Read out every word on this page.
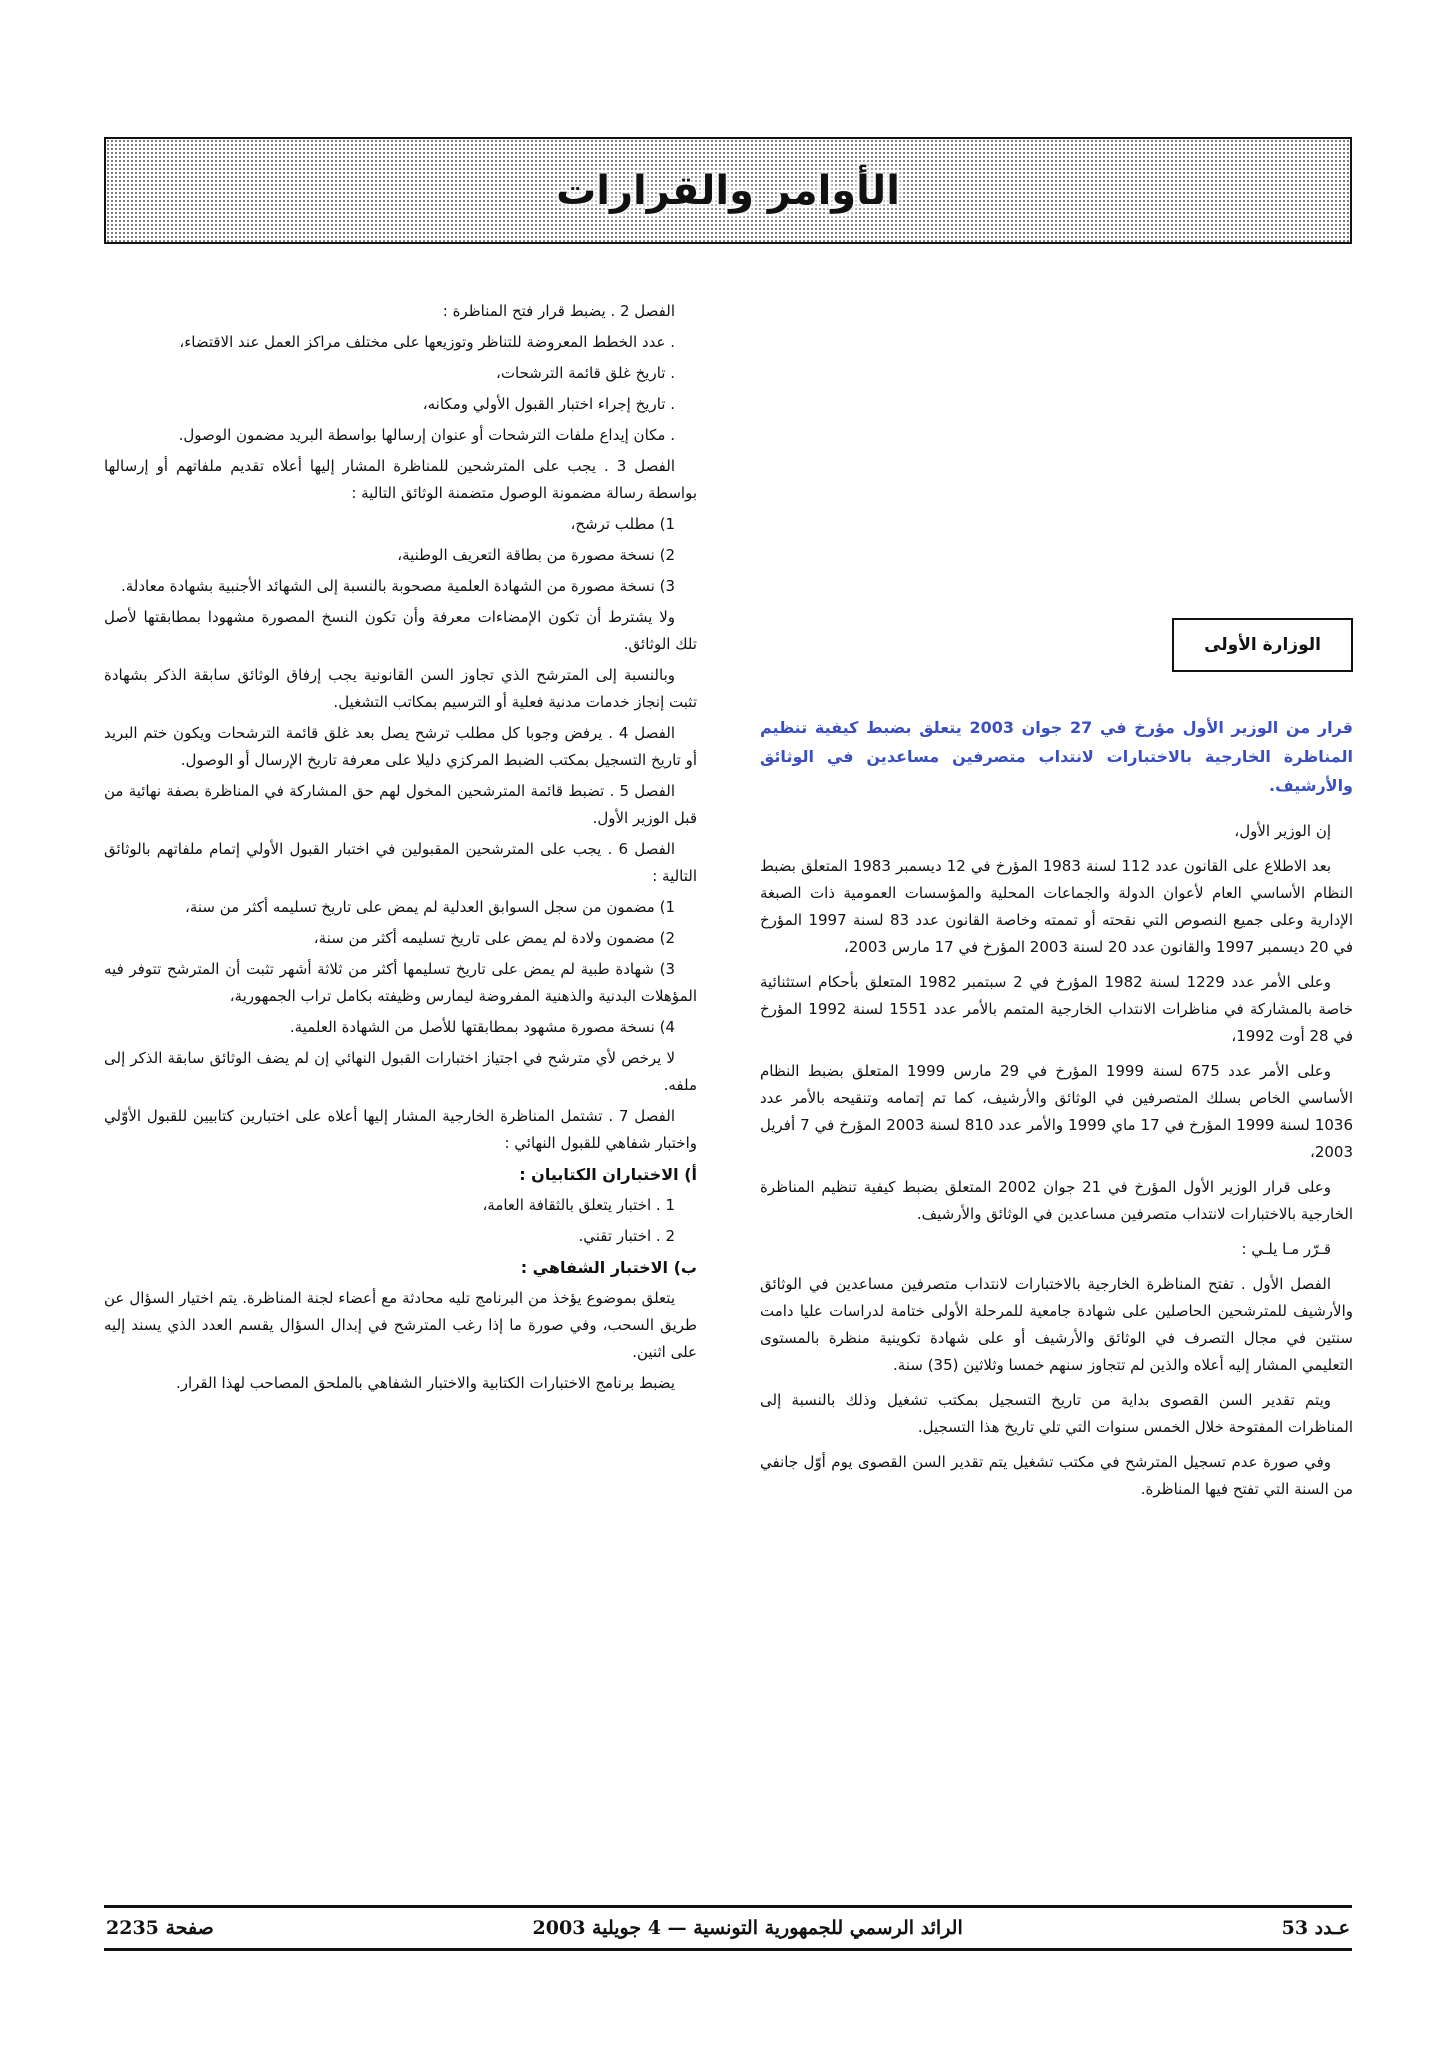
الأوامر والقرارات
الوزارة الأولى

قرار من الوزير الأول مؤرخ في 27 جوان 2003 يتعلق بضبط كيفية تنظيم المناظرة الخارجية بالاختبارات لانتداب متصرفين مساعدين في الوثائق والأرشيف.

إن الوزير الأول،

بعد الاطلاع على القانون عدد 112 لسنة 1983 المؤرخ في 12 ديسمبر 1983 المتعلق بضبط النظام الأساسي العام لأعوان الدولة والجماعات المحلية والمؤسسات العمومية ذات الصبغة الإدارية وعلى جميع النصوص التي نقحته أو تممته وخاصة القانون عدد 83 لسنة 1997 المؤرخ في 20 ديسمبر 1997 والقانون عدد 20 لسنة 2003 المؤرخ في 17 مارس 2003،

وعلى الأمر عدد 1229 لسنة 1982 المؤرخ في 2 سبتمبر 1982 المتعلق بأحكام استثنائية خاصة بالمشاركة في مناظرات الانتداب الخارجية المتمم بالأمر عدد 1551 لسنة 1992 المؤرخ في 28 أوت 1992،

وعلى الأمر عدد 675 لسنة 1999 المؤرخ في 29 مارس 1999 المتعلق بضبط النظام الأساسي الخاص بسلك المتصرفين في الوثائق والأرشيف، كما تم إتمامه وتنقيحه بالأمر عدد 1036 لسنة 1999 المؤرخ في 17 ماي 1999 والأمر عدد 810 لسنة 2003 المؤرخ في 7 أفريل 2003،

وعلى قرار الوزير الأول المؤرخ في 21 جوان 2002 المتعلق بضبط كيفية تنظيم المناظرة الخارجية بالاختبارات لانتداب متصرفين مساعدين في الوثائق والأرشيف.

قـرّر مـا يلـي :

الفصل الأول . تفتح المناظرة الخارجية بالاختبارات لانتداب متصرفين مساعدين في الوثائق والأرشيف للمترشحين الحاصلين على شهادة جامعية للمرحلة الأولى ختامة لدراسات عليا دامت سنتين في مجال التصرف في الوثائق والأرشيف أو على شهادة تكوينية منظرة بالمستوى التعليمي المشار إليه أعلاه والذين لم تتجاوز سنهم خمسا وثلاثين (35) سنة.

ويتم تقدير السن القصوى بداية من تاريخ التسجيل بمكتب تشغيل وذلك بالنسبة إلى المناظرات المفتوحة خلال الخمس سنوات التي تلي تاريخ هذا التسجيل.

وفي صورة عدم تسجيل المترشح في مكتب تشغيل يتم تقدير السن القصوى يوم أوّل جانفي من السنة التي تفتح فيها المناظرة.

الفصل 2 . يضبط قرار فتح المناظرة :

. عدد الخطط المعروضة للتناظر وتوزيعها على مختلف مراكز العمل عند الاقتضاء،

. تاريخ غلق قائمة الترشحات،

. تاريخ إجراء اختبار القبول الأولي ومكانه،

. مكان إيداع ملفات الترشحات أو عنوان إرسالها بواسطة البريد مضمون الوصول.

الفصل 3 . يجب على المترشحين للمناظرة المشار إليها أعلاه تقديم ملفاتهم أو إرسالها بواسطة رسالة مضمونة الوصول متضمنة الوثائق التالية :

1) مطلب ترشح،

2) نسخة مصورة من بطاقة التعريف الوطنية،

3) نسخة مصورة من الشهادة العلمية مصحوبة بالنسبة إلى الشهائد الأجنبية بشهادة معادلة.

ولا يشترط أن تكون الإمضاءات معرفة وأن تكون النسخ المصورة مشهودا بمطابقتها لأصل تلك الوثائق.

وبالنسبة إلى المترشح الذي تجاوز السن القانونية يجب إرفاق الوثائق سابقة الذكر بشهادة تثبت إنجاز خدمات مدنية فعلية أو الترسيم بمكاتب التشغيل.

الفصل 4 . يرفض وجوبا كل مطلب ترشح يصل بعد غلق قائمة الترشحات ويكون ختم البريد أو تاريخ التسجيل بمكتب الضبط المركزي دليلا على معرفة تاريخ الإرسال أو الوصول.

الفصل 5 . تضبط قائمة المترشحين المخول لهم حق المشاركة في المناظرة بصفة نهائية من قبل الوزير الأول.

الفصل 6 . يجب على المترشحين المقبولين في اختبار القبول الأولي إتمام ملفاتهم بالوثائق التالية :

1) مضمون من سجل السوابق العدلية لم يمض على تاريخ تسليمه أكثر من سنة،

2) مضمون ولادة لم يمض على تاريخ تسليمه أكثر من سنة،

3) شهادة طبية لم يمض على تاريخ تسليمها أكثر من ثلاثة أشهر تثبت أن المترشح تتوفر فيه المؤهلات البدنية والذهنية المفروضة ليمارس وظيفته بكامل تراب الجمهورية،

4) نسخة مصورة مشهود بمطابقتها للأصل من الشهادة العلمية.

لا يرخص لأي مترشح في اجتياز اختبارات القبول النهائي إن لم يضف الوثائق سابقة الذكر إلى ملفه.

الفصل 7 . تشتمل المناظرة الخارجية المشار إليها أعلاه على اختبارين كتابيين للقبول الأوّلي واختبار شفاهي للقبول النهائي :

أ) الاختباران الكتابيان :

1 . اختبار يتعلق بالثقافة العامة،

2 . اختبار تقني.

ب) الاختبار الشفاهي :

يتعلق بموضوع يؤخذ من البرنامج تليه محادثة مع أعضاء لجنة المناظرة. يتم اختيار السؤال عن طريق السحب، وفي صورة ما إذا رغب المترشح في إبدال السؤال يقسم العدد الذي يسند إليه على اثنين.

يضبط برنامج الاختبارات الكتابية والاختبار الشفاهي بالملحق المصاحب لهذا القرار.

عـدد 53
الرائد الرسمي للجمهورية التونسية — 4 جويلية 2003
صفحة 2235
